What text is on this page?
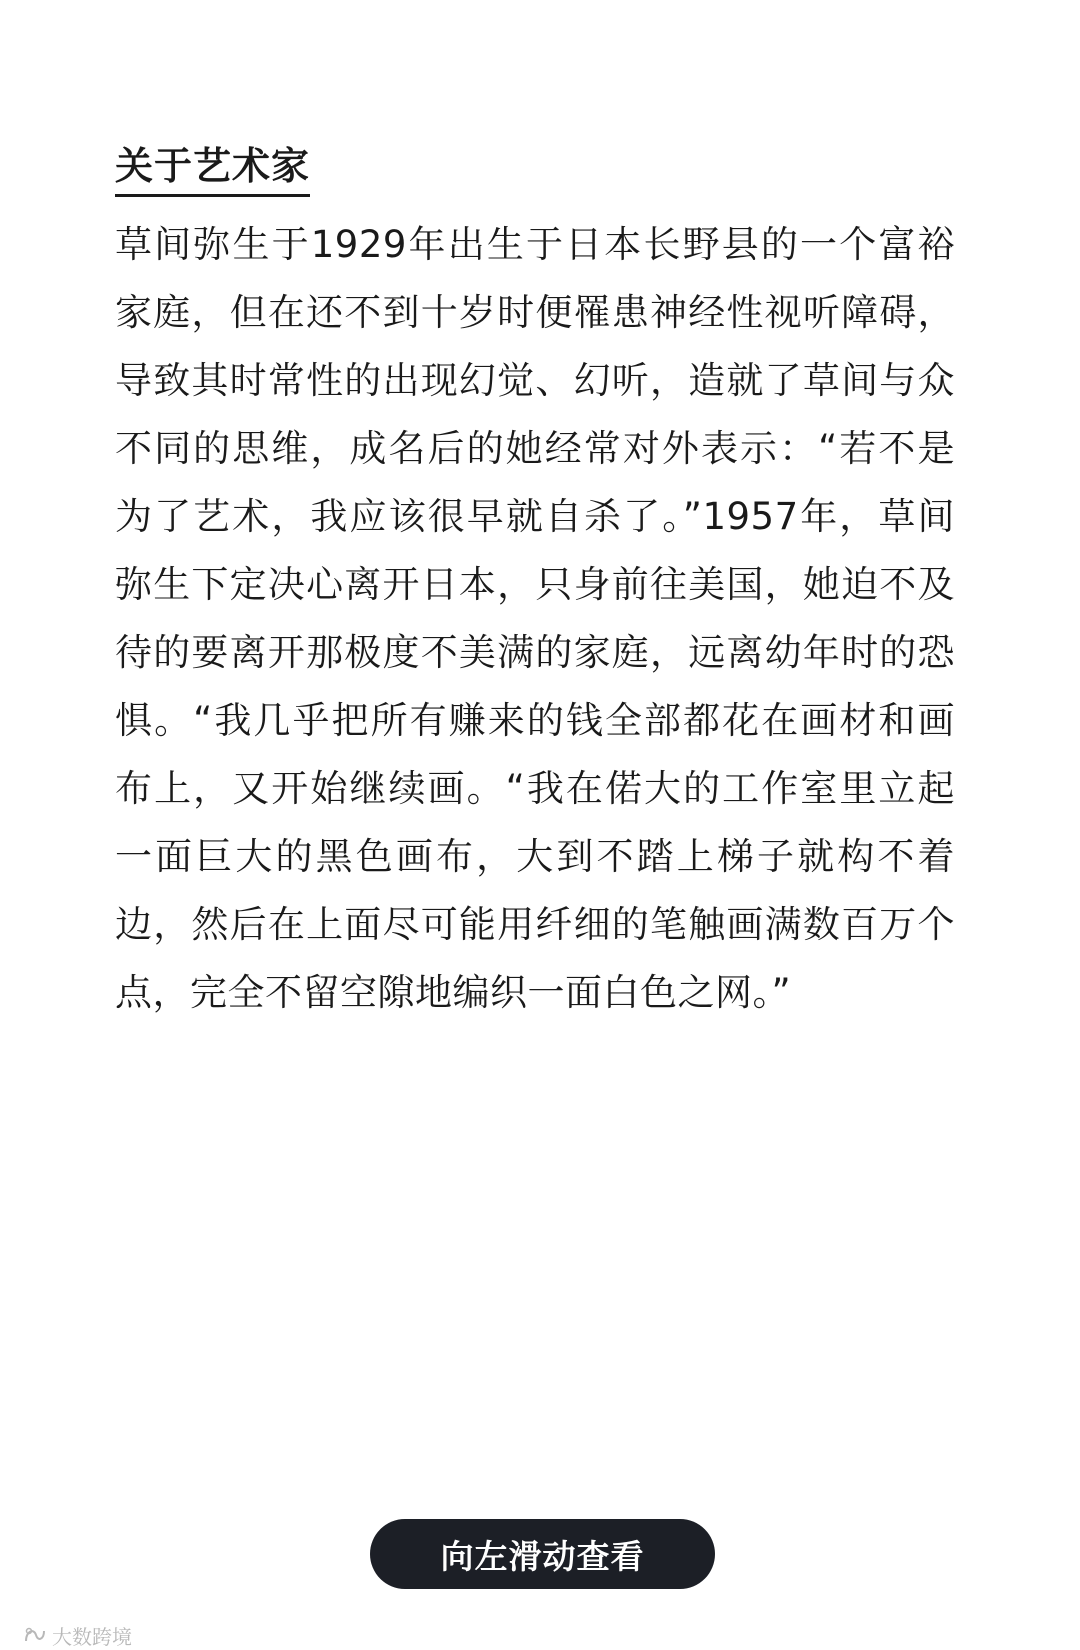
关于艺术家

草间弥生于1929年出生于日本长野县的一个富裕家庭，但在还不到十岁时便罹患神经性视听障碍，导致其时常性的出现幻觉、幻听，造就了草间与众不同的思维，成名后的她经常对外表示：“若不是为了艺术，我应该很早就自杀了。”1957年，草间弥生下定决心离开日本，只身前往美国，她迫不及待的要离开那极度不美满的家庭，远离幼年时的恐惧。“我几乎把所有赚来的钱全部都花在画材和画布上，又开始继续画。“我在偌大的工作室里立起一面巨大的黑色画布，大到不踏上梯子就构不着边，然后在上面尽可能用纤细的笔触画满数百万个点，完全不留空隙地编织一面白色之网。”

向左滑动查看
大数跨境
